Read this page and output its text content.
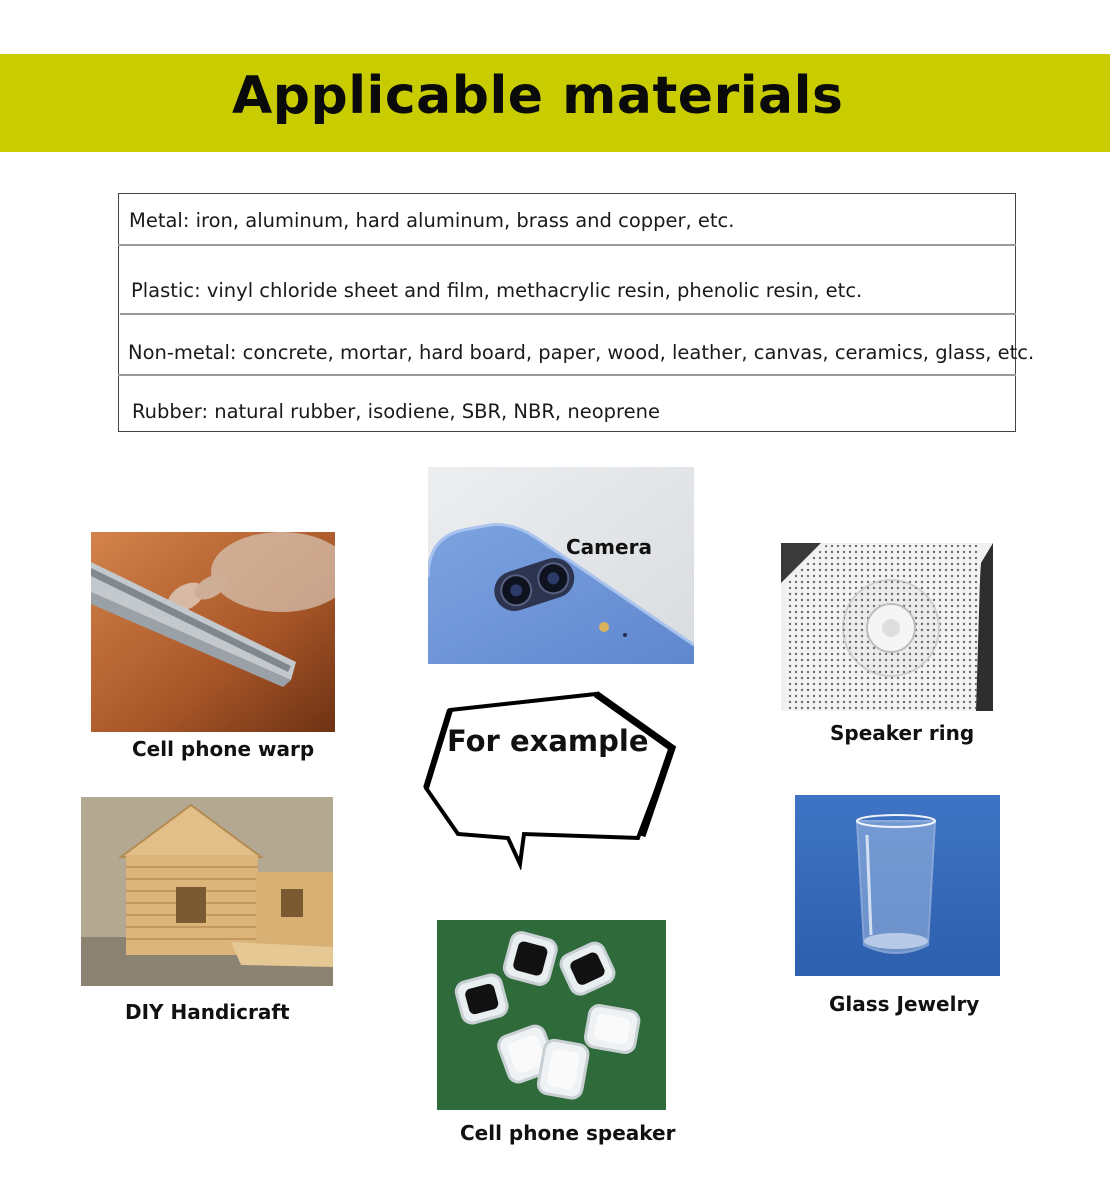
Applicable materials
Metal: iron, aluminum, hard aluminum, brass and copper, etc.
Plastic: vinyl chloride sheet and film, methacrylic resin, phenolic resin, etc.
Non-metal: concrete, mortar, hard board, paper, wood, leather, canvas, ceramics, glass, etc.
Rubber: natural rubber, isodiene, SBR, NBR, neoprene
Camera
Cell phone warp
Speaker ring
For example
DIY Handicraft	Glass Jewelry
Cell phone speaker
